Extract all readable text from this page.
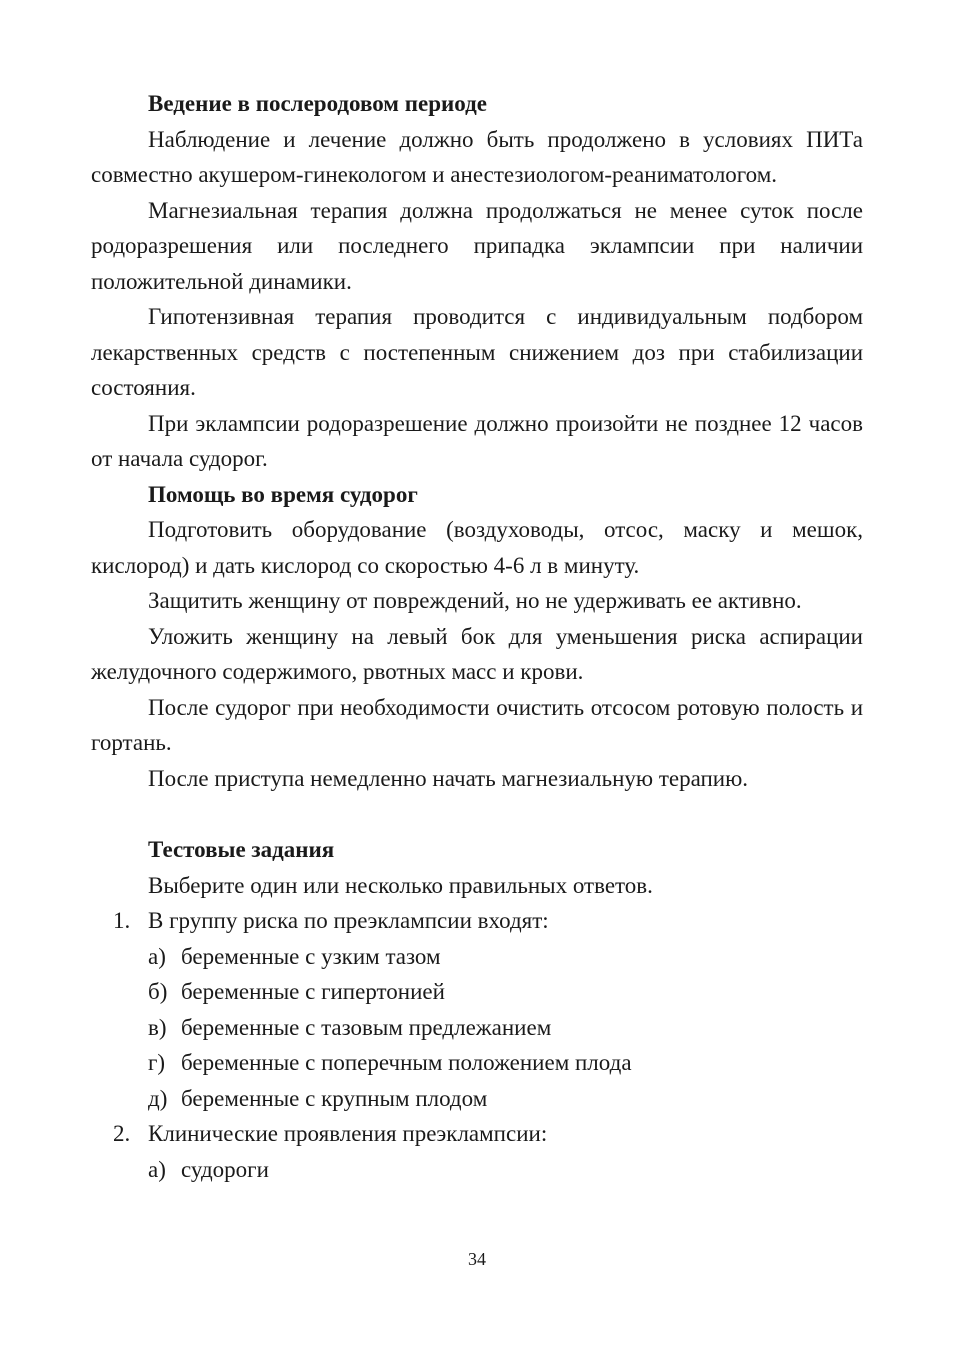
Ведение в послеродовом периоде

Наблюдение и лечение должно быть продолжено в условиях ПИТа совместно акушером-гинекологом и анестезиологом-реаниматологом.

Магнезиальная терапия должна продолжаться не менее суток после родоразрешения или последнего припадка эклампсии при наличии положительной динамики.

Гипотензивная терапия проводится с индивидуальным подбором лекарственных средств с постепенным снижением доз при стабилизации состояния.

При эклампсии родоразрешение должно произойти не позднее 12 часов от начала судорог.

Помощь во время судорог

Подготовить оборудование (воздуховоды, отсос, маску и мешок, кислород) и дать кислород со скоростью 4-6 л в минуту.

Защитить женщину от повреждений, но не удерживать ее активно.

Уложить женщину на левый бок для уменьшения риска аспирации желудочного содержимого, рвотных масс и крови.

После судорог при необходимости очистить отсосом ротовую полость и гортань.

После приступа немедленно начать магнезиальную терапию.

Тестовые задания

Выберите один или несколько правильных ответов.

1. В группу риска по преэклампсии входят:

а) беременные с узким тазом

б) беременные с гипертонией

в) беременные с тазовым предлежанием

г) беременные с поперечным положением плода

д) беременные с крупным плодом

2. Клинические проявления преэклампсии:

а) судороги

34
